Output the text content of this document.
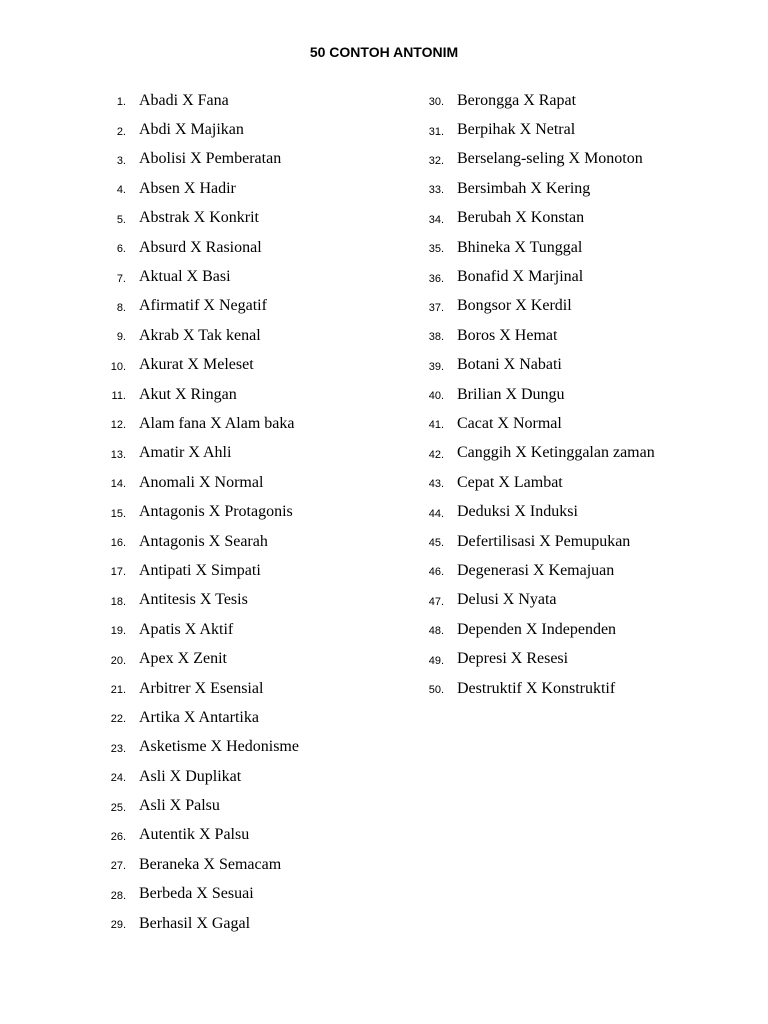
50 CONTOH ANTONIM
1. Abadi X Fana
2. Abdi X Majikan
3. Abolisi X Pemberatan
4. Absen X Hadir
5. Abstrak X Konkrit
6. Absurd X Rasional
7. Aktual X Basi
8. Afirmatif X Negatif
9. Akrab X Tak kenal
10. Akurat X Meleset
11. Akut X Ringan
12. Alam fana X Alam baka
13. Amatir X Ahli
14. Anomali X Normal
15. Antagonis X Protagonis
16. Antagonis X Searah
17. Antipati X Simpati
18. Antitesis X Tesis
19. Apatis X Aktif
20. Apex X Zenit
21. Arbitrer X Esensial
22. Artika X Antartika
23. Asketisme X Hedonisme
24. Asli X Duplikat
25. Asli X Palsu
26. Autentik X Palsu
27. Beraneka X Semacam
28. Berbeda X Sesuai
29. Berhasil X Gagal
30. Berongga X Rapat
31. Berpihak X Netral
32. Berselang-seling X Monoton
33. Bersimbah X Kering
34. Berubah X Konstan
35. Bhineka X Tunggal
36. Bonafid X Marjinal
37. Bongsor X Kerdil
38. Boros X Hemat
39. Botani X Nabati
40. Brilian X Dungu
41. Cacat X Normal
42. Canggih X Ketinggalan zaman
43. Cepat X Lambat
44. Deduksi X Induksi
45. Defertilisasi X Pemupukan
46. Degenerasi X Kemajuan
47. Delusi X Nyata
48. Dependen X Independen
49. Depresi X Resesi
50. Destruktif X Konstruktif
